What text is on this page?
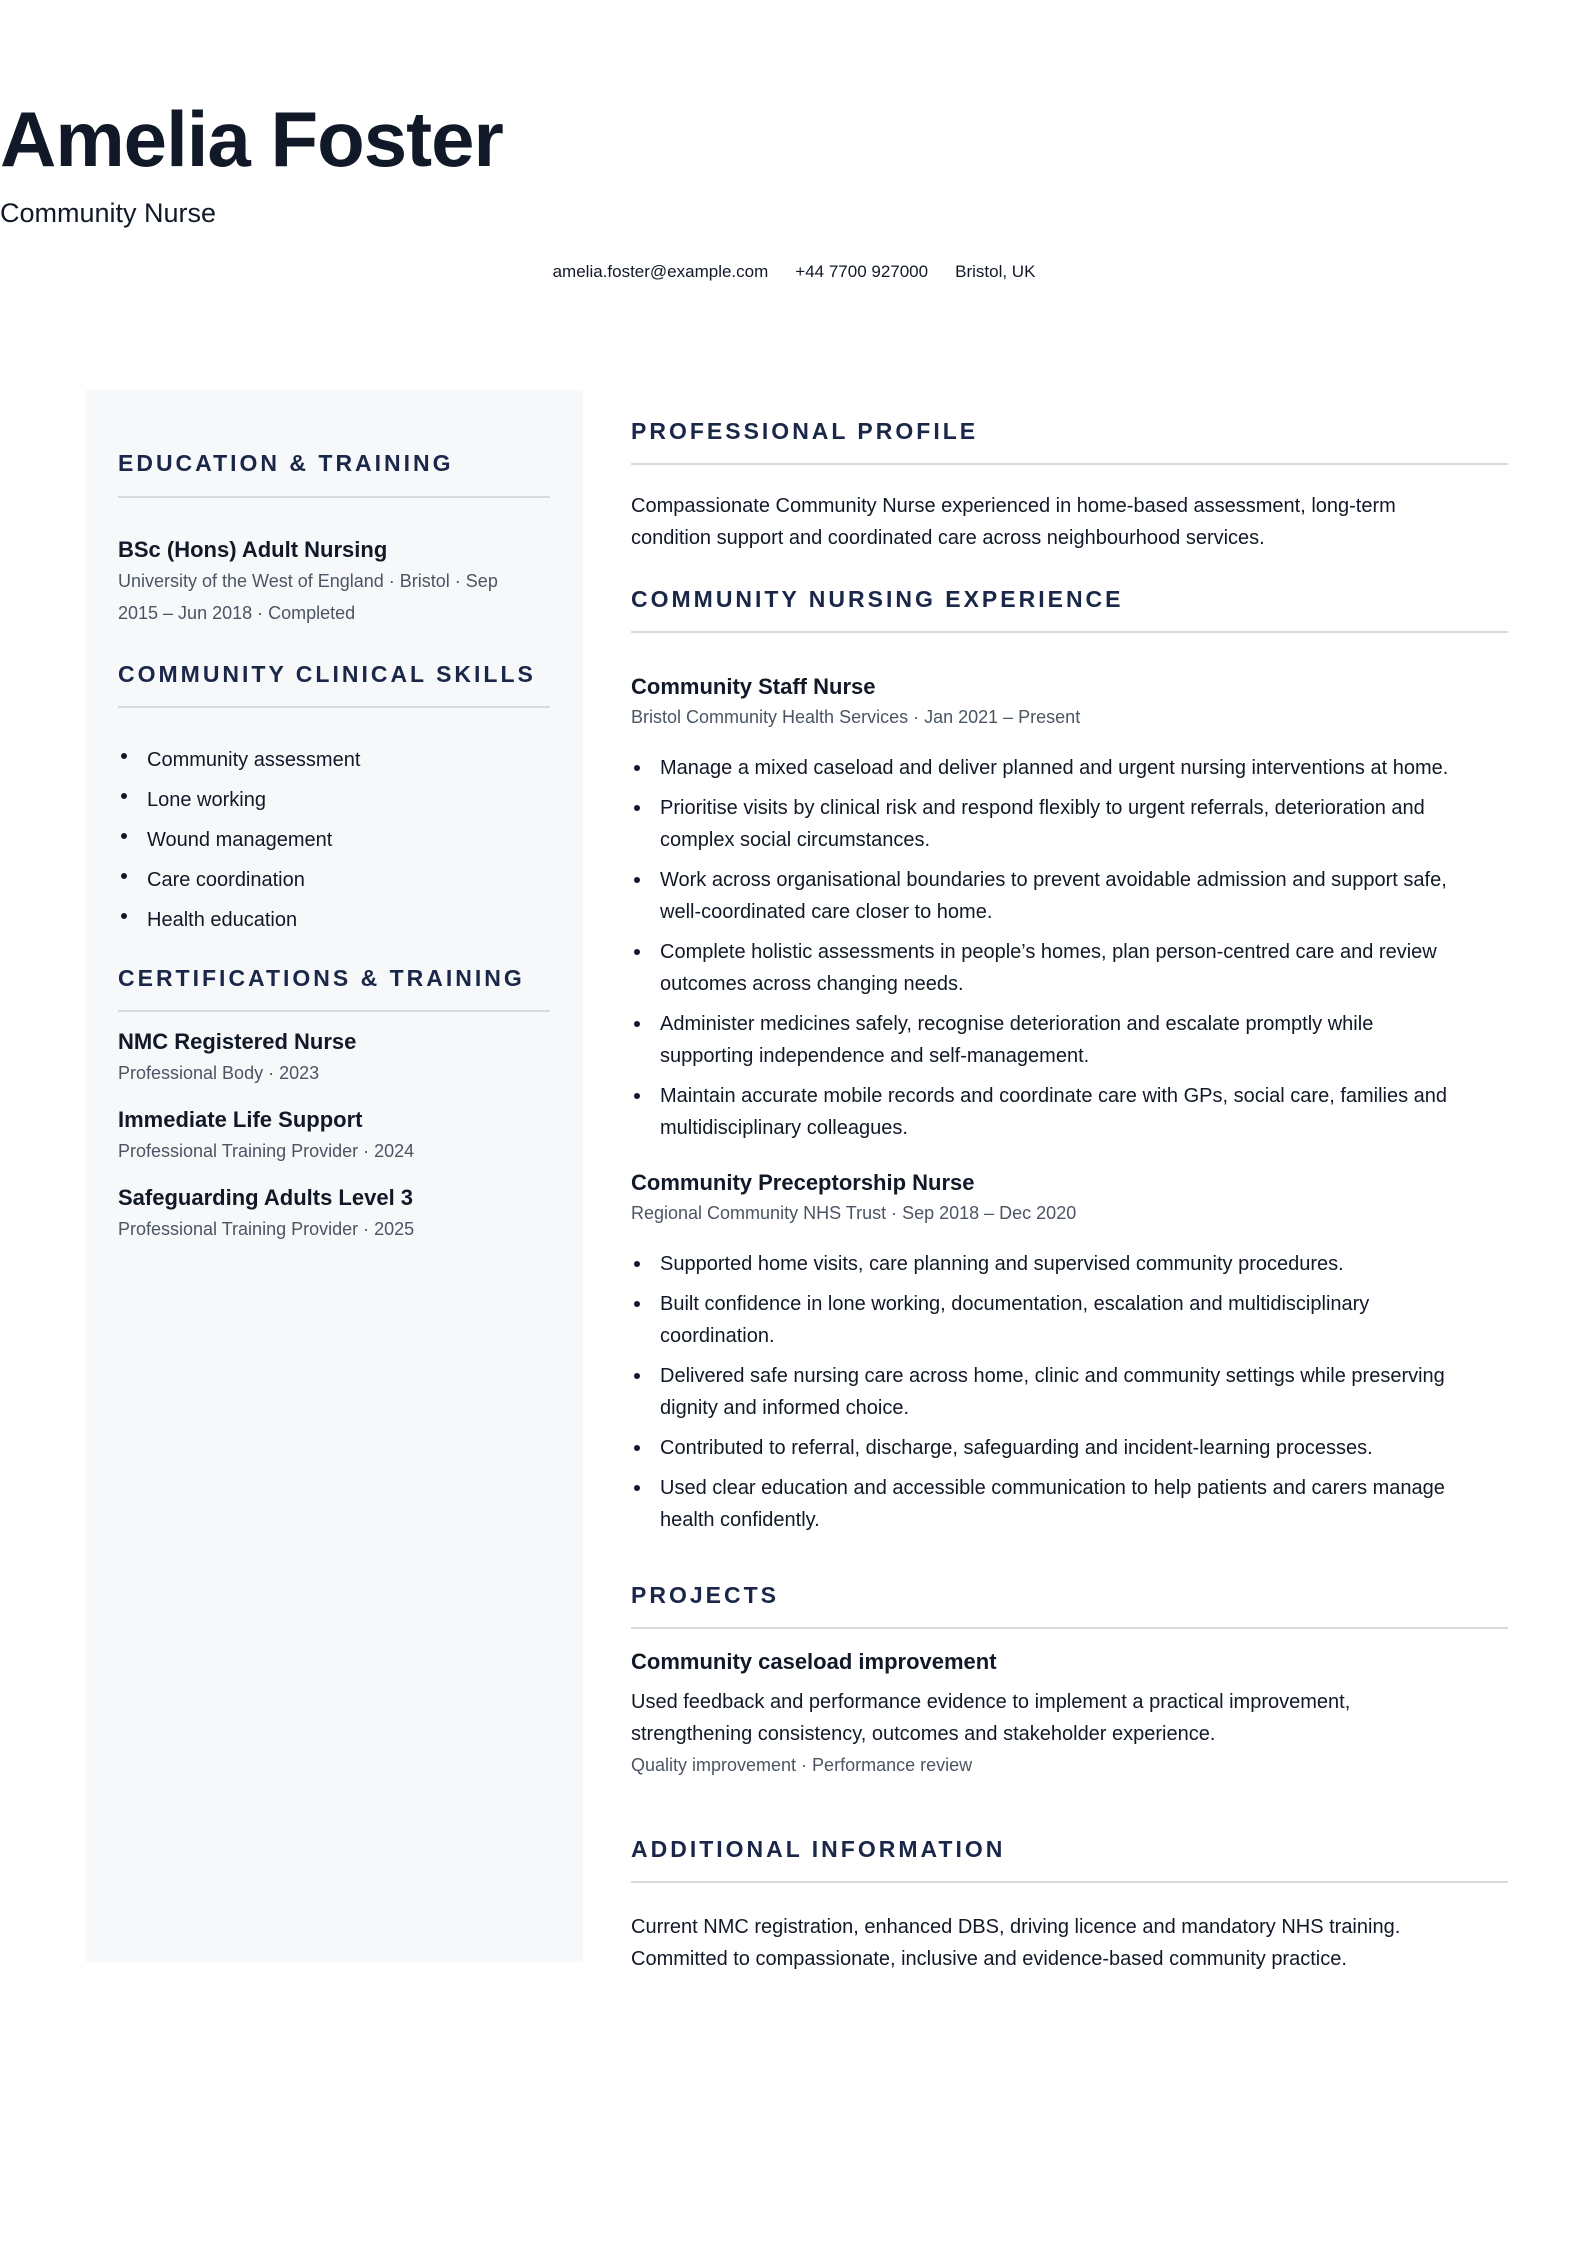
Amelia Foster
Community Nurse
amelia.foster@example.com +44 7700 927000 Bristol, UK
EDUCATION & TRAINING
BSc (Hons) Adult Nursing
University of the West of England · Bristol · Sep
2015 – Jun 2018 · Completed
COMMUNITY CLINICAL SKILLS
Community assessment
Lone working
Wound management
Care coordination
Health education
CERTIFICATIONS & TRAINING
NMC Registered Nurse
Professional Body · 2023
Immediate Life Support
Professional Training Provider · 2024
Safeguarding Adults Level 3
Professional Training Provider · 2025
PROFESSIONAL PROFILE
Compassionate Community Nurse experienced in home-based assessment, long-term
condition support and coordinated care across neighbourhood services.
COMMUNITY NURSING EXPERIENCE
Community Staff Nurse
Bristol Community Health Services · Jan 2021 – Present
Manage a mixed caseload and deliver planned and urgent nursing interventions at home.
Prioritise visits by clinical risk and respond flexibly to urgent referrals, deterioration and
complex social circumstances.
Work across organisational boundaries to prevent avoidable admission and support safe,
well-coordinated care closer to home.
Complete holistic assessments in people’s homes, plan person-centred care and review
outcomes across changing needs.
Administer medicines safely, recognise deterioration and escalate promptly while
supporting independence and self-management.
Maintain accurate mobile records and coordinate care with GPs, social care, families and
multidisciplinary colleagues.
Community Preceptorship Nurse
Regional Community NHS Trust · Sep 2018 – Dec 2020
Supported home visits, care planning and supervised community procedures.
Built confidence in lone working, documentation, escalation and multidisciplinary
coordination.
Delivered safe nursing care across home, clinic and community settings while preserving
dignity and informed choice.
Contributed to referral, discharge, safeguarding and incident-learning processes.
Used clear education and accessible communication to help patients and carers manage
health confidently.
PROJECTS
Community caseload improvement
Used feedback and performance evidence to implement a practical improvement,
strengthening consistency, outcomes and stakeholder experience.
Quality improvement · Performance review
ADDITIONAL INFORMATION
Current NMC registration, enhanced DBS, driving licence and mandatory NHS training.
Committed to compassionate, inclusive and evidence-based community practice.
